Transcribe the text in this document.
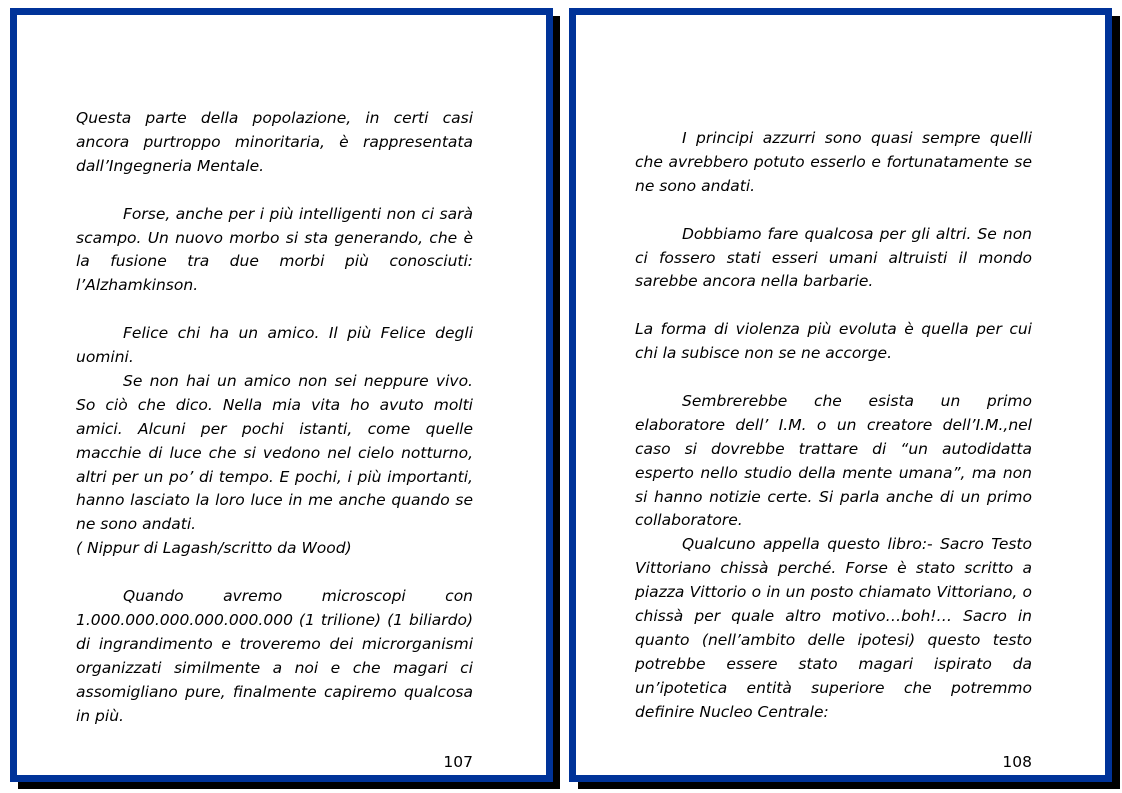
Questa parte della popolazione, in certi casi ancora purtroppo minoritaria, è rappresentata dall’Ingegneria Mentale.

Forse, anche per i più intelligenti non ci sarà scampo. Un nuovo morbo si sta generando, che è la fusione tra due morbi più conosciuti: l’Alzhamkinson.

Felice chi ha un amico. Il più Felice degli uomini.

Se non hai un amico non sei neppure vivo. So ciò che dico. Nella mia vita ho avuto molti amici. Alcuni per pochi istanti, come quelle macchie di luce che si vedono nel cielo notturno, altri per un po’ di tempo. E pochi, i più importanti, hanno lasciato la loro luce in me anche quando se ne sono andati.

( Nippur di Lagash/scritto da Wood)

Quando avremo microscopi con 1.000.000.000.000.000.000 (1 trilione) (1 biliardo) di ingrandimento e troveremo dei microrganismi organizzati similmente a noi e che magari ci assomigliano pure, finalmente capiremo qualcosa in più.

107

I principi azzurri sono quasi sempre quelli che avrebbero potuto esserlo e fortunatamente se ne sono andati.

Dobbiamo fare qualcosa per gli altri. Se non ci fossero stati esseri umani altruisti il mondo sarebbe ancora nella barbarie.

La forma di violenza più evoluta è quella per cui chi la subisce non se ne accorge.

Sembrerebbe che esista un primo elaboratore dell’ I.M. o un creatore dell’I.M.,nel caso si dovrebbe trattare di “un autodidatta esperto nello studio della mente umana”, ma non si hanno notizie certe. Si parla anche di un primo collaboratore.

Qualcuno appella questo libro:- Sacro Testo Vittoriano chissà perché. Forse è stato scritto a piazza Vittorio o in un posto chiamato Vittoriano, o chissà per quale altro motivo…boh!… Sacro in quanto (nell’ambito delle ipotesi) questo testo potrebbe essere stato magari ispirato da un’ipotetica entità superiore che potremmo definire Nucleo Centrale:

108
